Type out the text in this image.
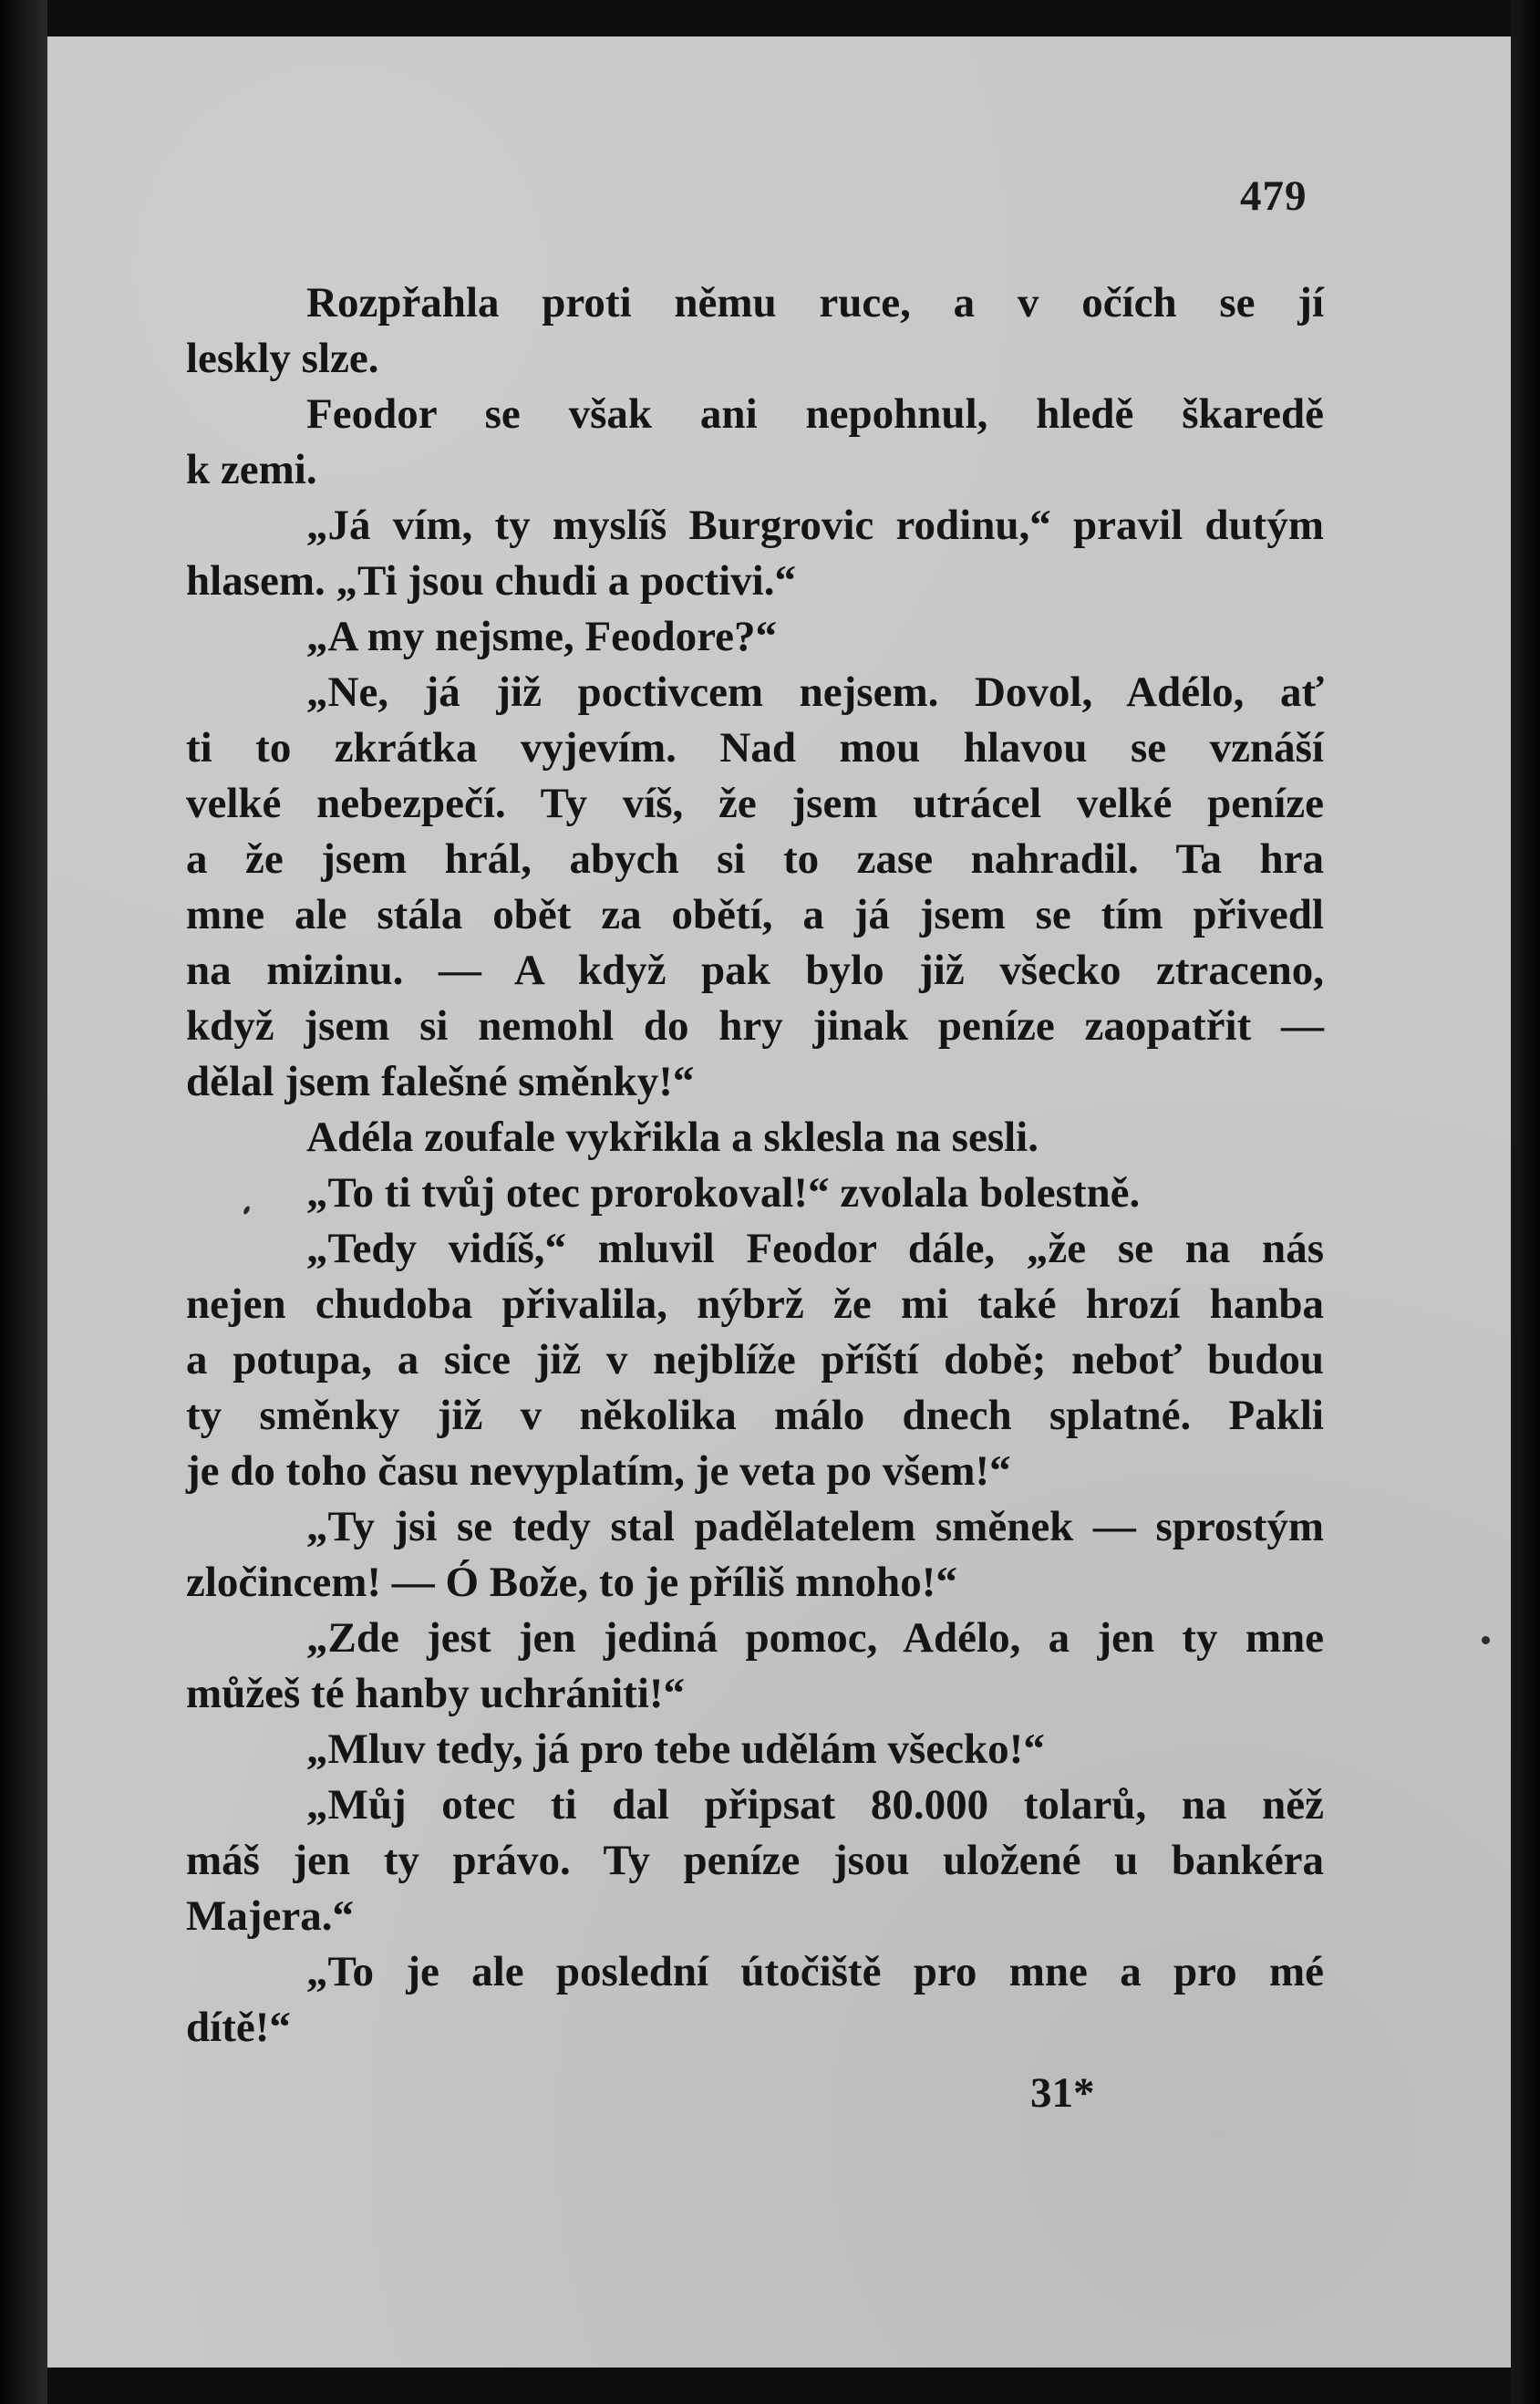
479
Rozpřahla proti němu ruce, a v očích se jí
leskly slze.
Feodor se však ani nepohnul, hledě škaredě
k zemi.
„Já vím, ty myslíš Burgrovic rodinu,“ pravil dutým
hlasem. „Ti jsou chudi a poctivi.“
„A my nejsme, Feodore?“
„Ne, já již poctivcem nejsem. Dovol, Adélo, ať
ti to zkrátka vyjevím. Nad mou hlavou se vznáší
velké nebezpečí. Ty víš, že jsem utrácel velké peníze
a že jsem hrál, abych si to zase nahradil. Ta hra
mne ale stála obět za obětí, a já jsem se tím přivedl
na mizinu. — A když pak bylo již všecko ztraceno,
když jsem si nemohl do hry jinak peníze zaopatřit —
dělal jsem falešné směnky!“
Adéla zoufale vykřikla a sklesla na sesli.
„To ti tvůj otec prorokoval!“ zvolala bolestně.
„Tedy vidíš,“ mluvil Feodor dále, „že se na nás
nejen chudoba přivalila, nýbrž že mi také hrozí hanba
a potupa, a sice již v nejblíže příští době; neboť budou
ty směnky již v několika málo dnech splatné. Pakli
je do toho času nevyplatím, je veta po všem!“
„Ty jsi se tedy stal padělatelem směnek — sprostým
zločincem! — Ó Bože, to je příliš mnoho!“
„Zde jest jen jediná pomoc, Adélo, a jen ty mne
můžeš té hanby uchrániti!“
„Mluv tedy, já pro tebe udělám všecko!“
„Můj otec ti dal připsat 80.000 tolarů, na něž
máš jen ty právo. Ty peníze jsou uložené u bankéra
Majera.“
„To je ale poslední útočiště pro mne a pro mé
dítě!“
31*
